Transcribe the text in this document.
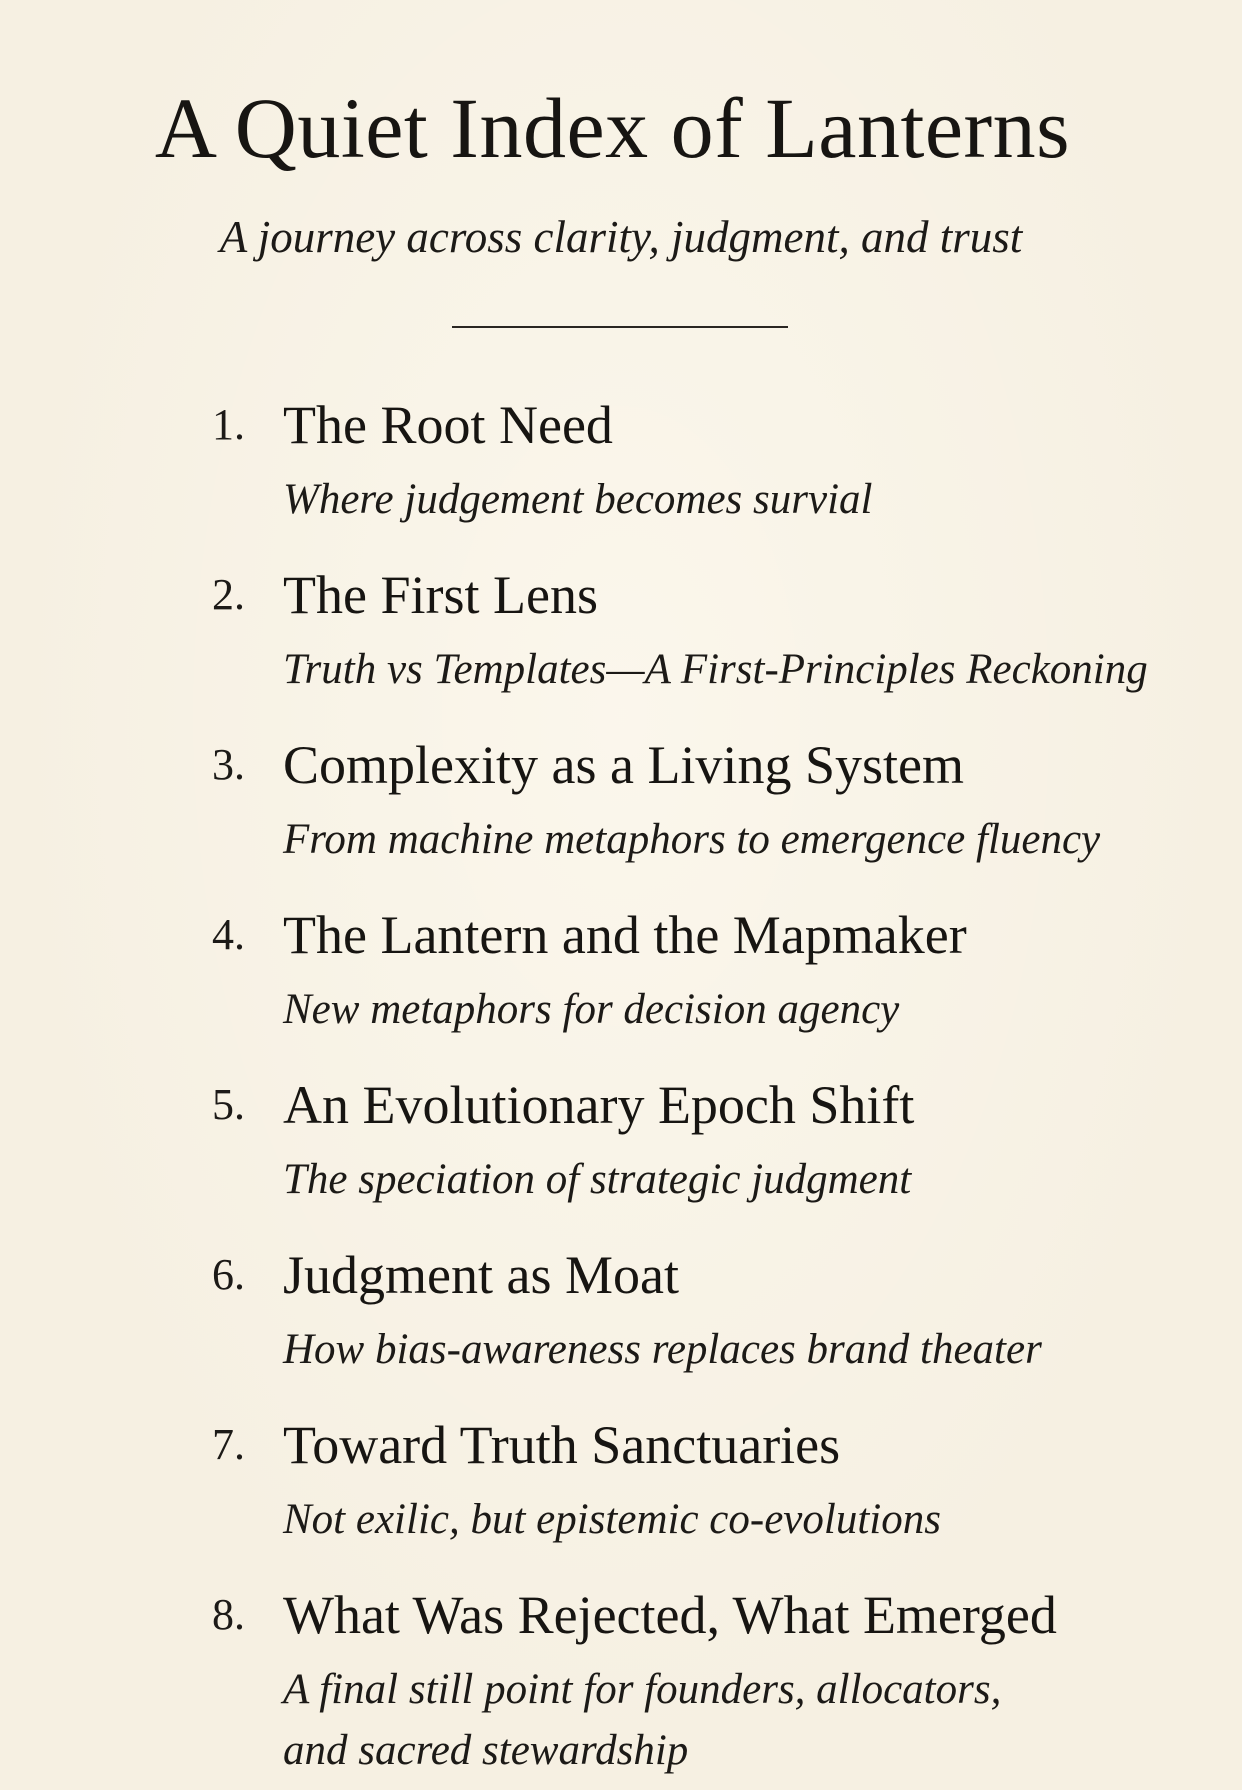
A Quiet Index of Lanterns
A journey across clarity, judgment, and trust
1. The Root Need
Where judgement becomes survial
2. The First Lens
Truth vs Templates—A First-Principles Reckoning
3. Complexity as a Living System
From machine metaphors to emergence fluency
4. The Lantern and the Mapmaker
New metaphors for decision agency
5. An Evolutionary Epoch Shift
The speciation of strategic judgment
6. Judgment as Moat
How bias-awareness replaces brand theater
7. Toward Truth Sanctuaries
Not exilic, but epistemic co-evolutions
8. What Was Rejected, What Emerged
A final still point for founders, allocators, and sacred stewardship
